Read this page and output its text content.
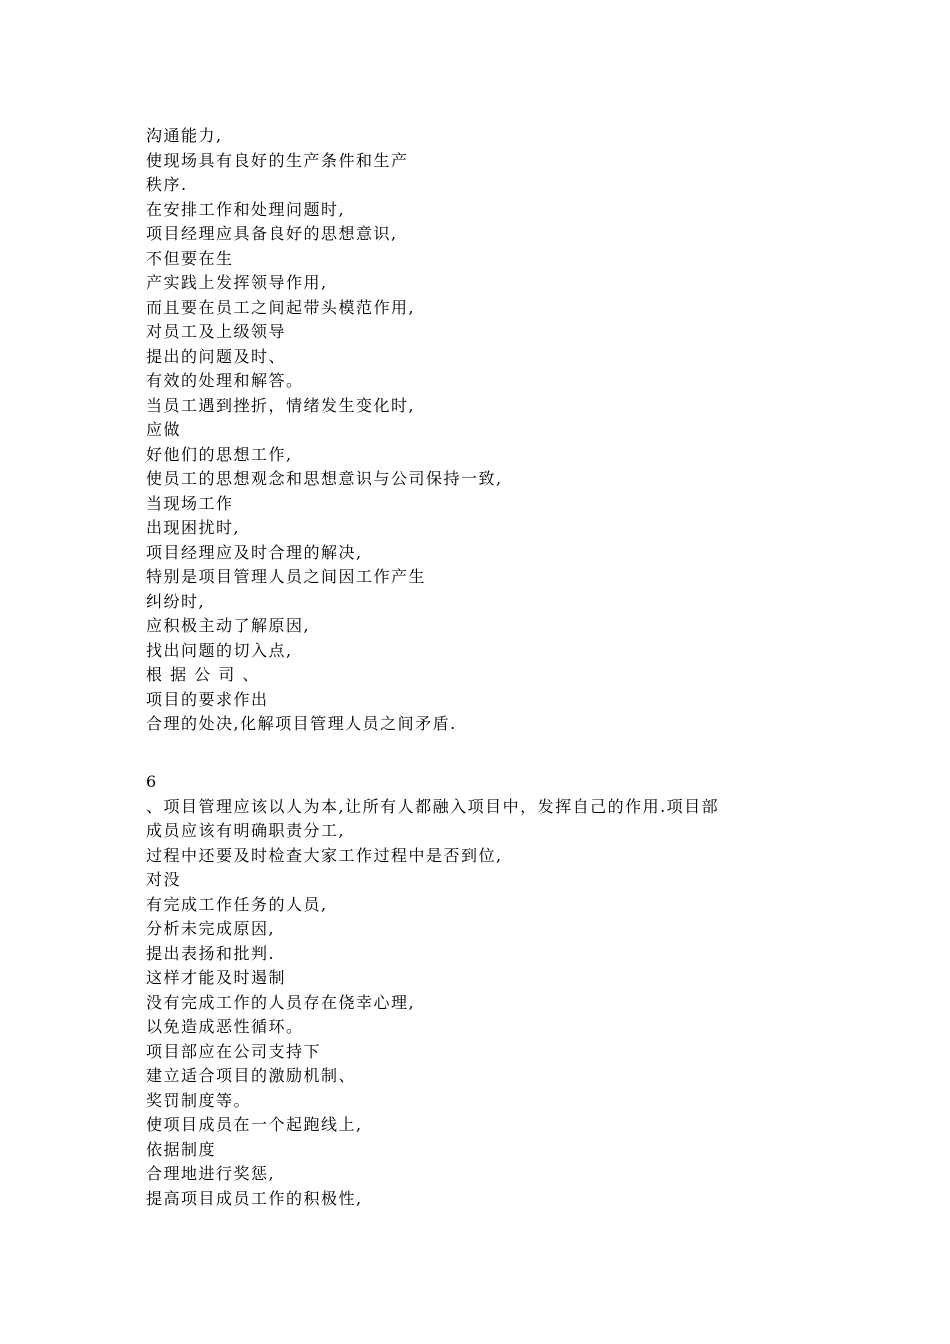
沟通能力,
使现场具有良好的生产条件和生产
秩序.
在安排工作和处理问题时,
项目经理应具备良好的思想意识,
不但要在生
产实践上发挥领导作用,
而且要在员工之间起带头模范作用,
对员工及上级领导
提出的问题及时、
有效的处理和解答。
当员工遇到挫折，情绪发生变化时,
应做
好他们的思想工作,
使员工的思想观念和思想意识与公司保持一致,
当现场工作
出现困扰时,
项目经理应及时合理的解决,
特别是项目管理人员之间因工作产生
纠纷时,
应积极主动了解原因,
找出问题的切入点,
根 据 公 司 、
项目的要求作出
合理的处决,化解项目管理人员之间矛盾.
6
、项目管理应该以人为本,让所有人都融入项目中，发挥自己的作用.项目部
成员应该有明确职责分工,
过程中还要及时检查大家工作过程中是否到位,
对没
有完成工作任务的人员,
分析未完成原因,
提出表扬和批判.
这样才能及时遏制
没有完成工作的人员存在侥幸心理,
以免造成恶性循环。
项目部应在公司支持下
建立适合项目的激励机制、
奖罚制度等。
使项目成员在一个起跑线上,
依据制度
合理地进行奖惩,
提高项目成员工作的积极性,
